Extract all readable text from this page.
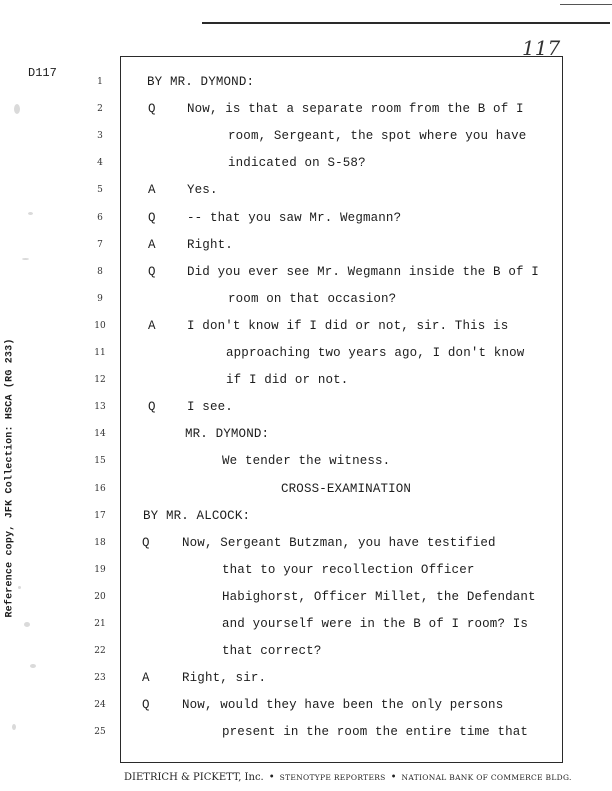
117
D117
Reference copy, JFK Collection: HSCA (RG 233)
1	BY MR. DYMOND:
2	Q	Now, is that a separate room from the B of I
3	room, Sergeant, the spot where you have
4	indicated on S-58?
5	A	Yes.
6	Q	-- that you saw Mr. Wegmann?
7	A	Right.
8	Q	Did you ever see Mr. Wegmann inside the B of I
9	room on that occasion?
10	A	I don't know if I did or not, sir. This is
11	approaching two years ago, I don't know
12	if I did or not.
13	Q	I see.
14	MR. DYMOND:
15	We tender the witness.
16	CROSS-EXAMINATION
17	BY MR. ALCOCK:
18	Q	Now, Sergeant Butzman, you have testified
19	that to your recollection Officer
20	Habighorst, Officer Millet, the Defendant
21	and yourself were in the B of I room? Is
22	that correct?
23	A	Right, sir.
24	Q	Now, would they have been the only persons
25	present in the room the entire time that
DIETRICH & PICKETT, Inc. • STENOTYPE REPORTERS • NATIONAL BANK OF COMMERCE BLDG.
